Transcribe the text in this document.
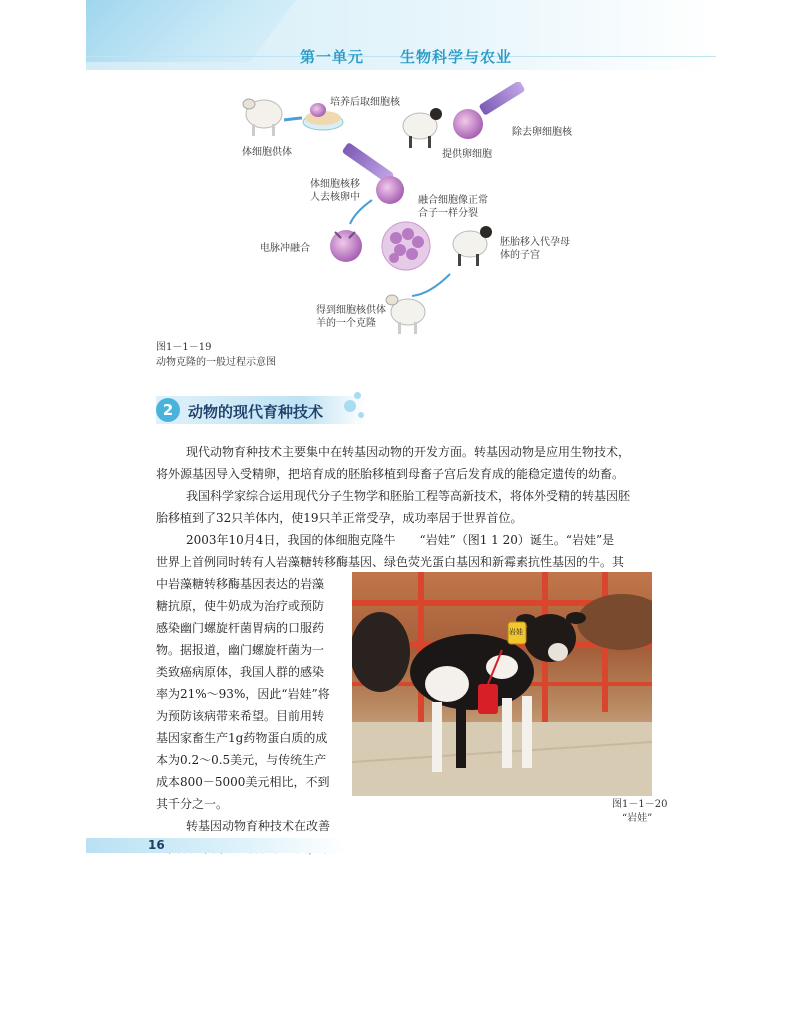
第一单元 生物科学与农业
培养后取细胞核
体细胞供体
除去卵细胞核
提供卵细胞
体细胞核移
人去核卵中	融合细胞像正常
合子一样分裂
电脉冲融合
胚胎移入代孕母
体的子宫
得到细胞核供体
羊的一个克隆
图1－1－19
动物克隆的一般过程示意图
2 动物的现代育种技术
现代动物育种技术主要集中在转基因动物的开发方面。转基因动物是应用生物技术，
将外源基因导入受精卵，把培育成的胚胎移植到母畜子宫后发育成的能稳定遗传的幼畜。
我国科学家综合运用现代分子生物学和胚胎工程等高新技术，将体外受精的转基因胚
胎移植到了32只羊体内，使19只羊正常受孕，成功率居于世界首位。
2003年10月4日，我国的体细胞克隆牛　　“岩娃”（图1 1 20）诞生。“岩娃”是
世界上首例同时转有人岩藻糖转移酶基因、绿色荧光蛋白基因和新霉素抗性基因的牛。其
中岩藻糖转移酶基因表达的岩藻
糖抗原，使牛奶成为治疗或预防
感染幽门螺旋杆菌胃病的口服药
物。据报道，幽门螺旋杆菌为一
类致癌病原体，我国人群的感染
率为21%～93%，因此“岩娃”将
为预防该病带来希望。目前用转
基因家畜生产1g药物蛋白质的成
本为0.2～0.5美元，与传统生产
成本800－5000美元相比，不到
其千分之一。
转基因动物育种技术在改善
岩娃
图1－1－20
“岩娃”
16
